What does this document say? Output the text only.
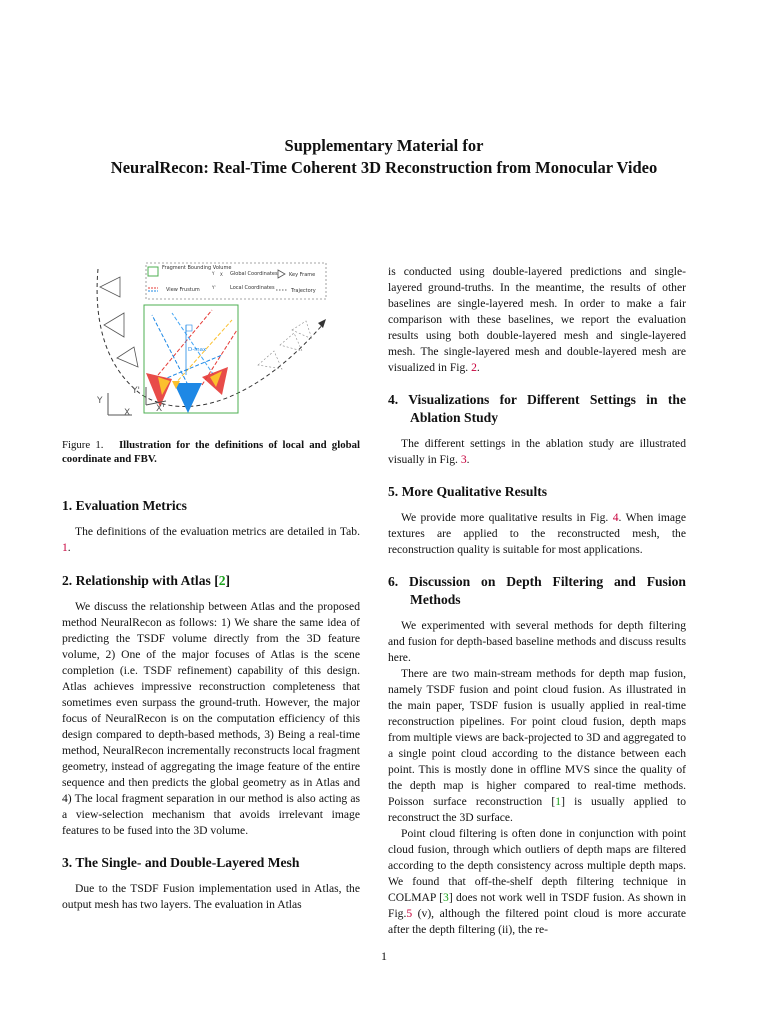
Supplementary Material for
NeuralRecon: Real-Time Coherent 3D Reconstruction from Monocular Video
Fragment Bounding Volume
View Frustum
Y X Global Coordinates
Y'	Local Coordinates
Key Frame
Trajectory
D-max
Y
X
Y'
X'
Figure 1. Illustration for the definitions of local and global coordinate and FBV.
1. Evaluation Metrics

The definitions of the evaluation metrics are detailed in Tab. 1.

2. Relationship with Atlas [2]

We discuss the relationship between Atlas and the proposed method NeuralRecon as follows: 1) We share the same idea of predicting the TSDF volume directly from the 3D feature volume, 2) One of the major focuses of Atlas is the scene completion (i.e. TSDF refinement) capability of this design. Atlas achieves impressive reconstruction completeness that sometimes even surpass the ground-truth. However, the major focus of NeuralRecon is on the computation efficiency of this design compared to depth-based methods, 3) Being a real-time method, NeuralRecon incrementally reconstructs local fragment geometry, instead of aggregating the image feature of the entire sequence and then predicts the global geometry as in Atlas and 4) The local fragment separation in our method is also acting as a view-selection mechanism that avoids irrelevant image features to be fused into the 3D volume.

3. The Single- and Double-Layered Mesh

Due to the TSDF Fusion implementation used in Atlas, the output mesh has two layers. The evaluation in Atlas

is conducted using double-layered predictions and single-layered ground-truths. In the meantime, the results of other baselines are single-layered mesh. In order to make a fair comparison with these baselines, we report the evaluation results using both double-layered mesh and single-layered mesh. The single-layered mesh and double-layered mesh are visualized in Fig. 2.

4. Visualizations for Different Settings in the Ablation Study

The different settings in the ablation study are illustrated visually in Fig. 3.

5. More Qualitative Results

We provide more qualitative results in Fig. 4. When image textures are applied to the reconstructed mesh, the reconstruction quality is suitable for most applications.

6. Discussion on Depth Filtering and Fusion Methods

We experimented with several methods for depth filtering and fusion for depth-based baseline methods and discuss results here.

There are two main-stream methods for depth map fusion, namely TSDF fusion and point cloud fusion. As illustrated in the main paper, TSDF fusion is usually applied in real-time reconstruction pipelines. For point cloud fusion, depth maps from multiple views are back-projected to 3D and aggregated to a single point cloud according to the distance between each point. This is mostly done in offline MVS since the quality of the depth map is higher compared to real-time methods. Poisson surface reconstruction [1] is usually applied to reconstruct the 3D surface.

Point cloud filtering is often done in conjunction with point cloud fusion, through which outliers of depth maps are filtered according to the depth consistency across multiple depth maps. We found that off-the-shelf depth filtering technique in COLMAP [3] does not work well in TSDF fusion. As shown in Fig.5 (v), although the filtered point cloud is more accurate after the depth filtering (ii), the re-

1
